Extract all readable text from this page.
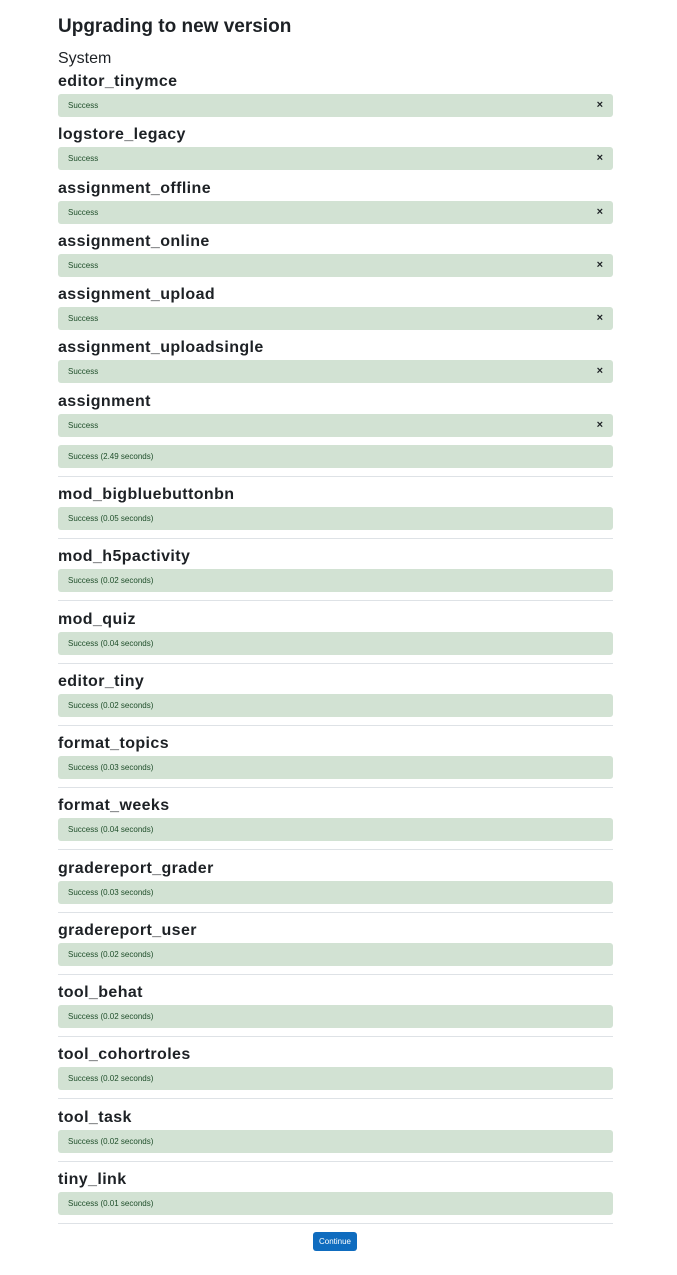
Upgrading to new version
System
editor_tinymce
Success	×
logstore_legacy
Success	×
assignment_offline
Success	×
assignment_online
Success	×
assignment_upload
Success	×
assignment_uploadsingle
Success	×
assignment
Success	×
Success (2.49 seconds)
mod_bigbluebuttonbn
Success (0.05 seconds)
mod_h5pactivity
Success (0.02 seconds)
mod_quiz
Success (0.04 seconds)
editor_tiny
Success (0.02 seconds)
format_topics
Success (0.03 seconds)
format_weeks
Success (0.04 seconds)
gradereport_grader
Success (0.03 seconds)
gradereport_user
Success (0.02 seconds)
tool_behat
Success (0.02 seconds)
tool_cohortroles
Success (0.02 seconds)
tool_task
Success (0.02 seconds)
tiny_link
Success (0.01 seconds)
Continue
